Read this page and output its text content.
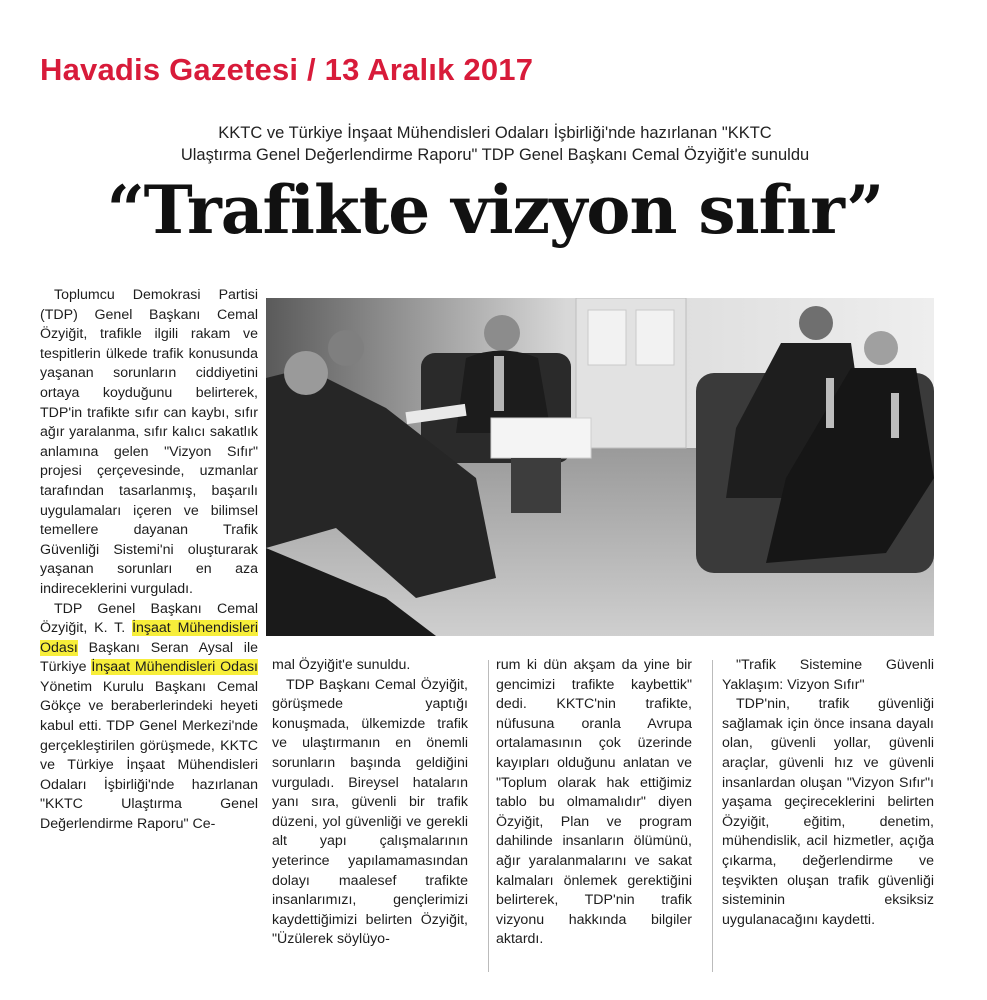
Havadis Gazetesi / 13 Aralık 2017
KKTC ve Türkiye İnşaat Mühendisleri Odaları İşbirliği'nde hazırlanan "KKTC
Ulaştırma Genel Değerlendirme Raporu" TDP Genel Başkanı Cemal Özyiğit'e sunuldu
“Trafikte vizyon sıfır”

Toplumcu Demokrasi Partisi (TDP) Genel Başkanı Cemal Özyiğit, trafikle ilgili rakam ve tespitlerin ülkede trafik konusunda yaşanan sorunların ciddiyetini ortaya koyduğunu belirterek, TDP'in trafikte sıfır can kaybı, sıfır ağır yaralanma, sıfır kalıcı sakatlık anlamına gelen "Vizyon Sıfır" projesi çerçevesinde, uzmanlar tarafından tasarlanmış, başarılı uygulamaları içeren ve bilimsel temellere dayanan Trafik Güvenliği Sistemi'ni oluşturarak yaşanan sorunları en aza indireceklerini vurguladı.

TDP Genel Başkanı Cemal Özyiğit, K. T. İnşaat Mühendisleri Odası Başkanı Seran Aysal ile Türkiye İnşaat Mühendisleri Odası Yönetim Kurulu Başkanı Cemal Gökçe ve beraberlerindeki heyeti kabul etti. TDP Genel Merkezi'nde gerçekleştirilen görüşmede, KKTC ve Türkiye İnşaat Mühendisleri Odaları İşbirliği'nde hazırlanan "KKTC Ulaştırma Genel Değerlendirme Raporu" Ce-

mal Özyiğit'e sunuldu.

TDP Başkanı Cemal Özyiğit, görüşmede yaptığı konuşmada, ülkemizde trafik ve ulaştırmanın en önemli sorunların başında geldiğini vurguladı. Bireysel hataların yanı sıra, güvenli bir trafik düzeni, yol güvenliği ve gerekli alt yapı çalışmalarının yeterince yapılamamasından dolayı maalesef trafikte insanlarımızı, gençlerimizi kaydettiğimizi belirten Özyiğit, "Üzülerek söylüyo-

rum ki dün akşam da yine bir gencimizi trafikte kaybettik" dedi. KKTC'nin trafikte, nüfusuna oranla Avrupa ortalamasının çok üzerinde kayıpları olduğunu anlatan ve "Toplum olarak hak ettiğimiz tablo bu olmamalıdır" diyen Özyiğit, Plan ve program dahilinde insanların ölümünü, ağır yaralanmalarını ve sakat kalmaları önlemek gerektiğini belirterek, TDP'nin trafik vizyonu hakkında bilgiler aktardı.

"Trafik Sistemine Güvenli Yaklaşım: Vizyon Sıfır"

TDP'nin, trafik güvenliği sağlamak için önce insana dayalı olan, güvenli yollar, güvenli araçlar, güvenli hız ve güvenli insanlardan oluşan "Vizyon Sıfır"ı yaşama geçireceklerini belirten Özyiğit, eğitim, denetim, mühendislik, acil hizmetler, açığa çıkarma, değerlendirme ve teşvikten oluşan trafik güvenliği sisteminin eksiksiz uygulanacağını kaydetti.
